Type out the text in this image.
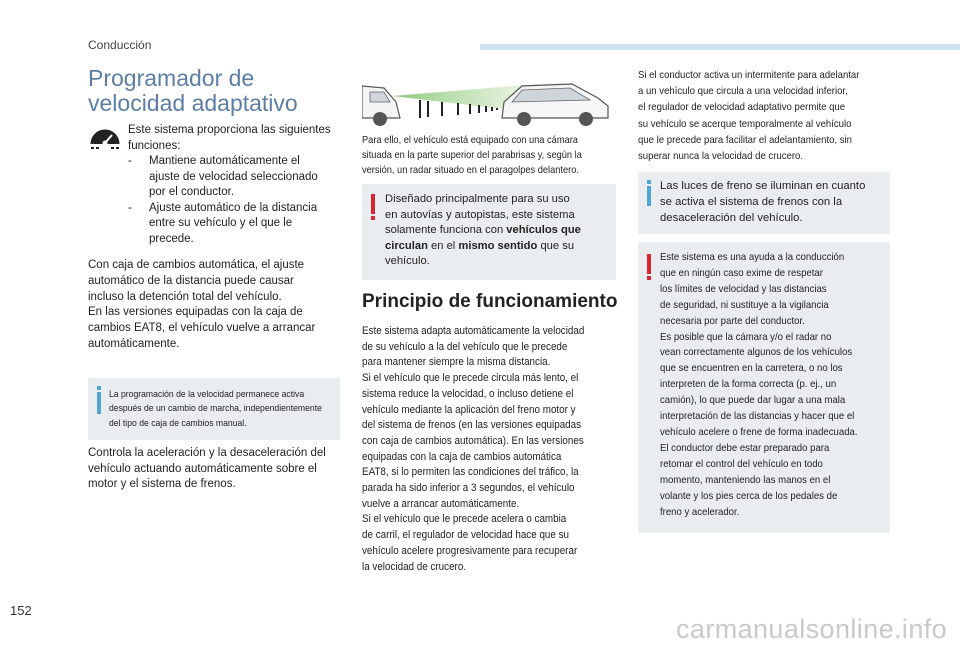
Conducción
Programador de
velocidad adaptativo
Este sistema proporciona las siguientes
funciones:
-	Mantiene automáticamente el
ajuste de velocidad seleccionado
por el conductor.
-	Ajuste automático de la distancia
entre su vehículo y el que le
precede.
Con caja de cambios automática, el ajuste
automático de la distancia puede causar
incluso la detención total del vehículo.
En las versiones equipadas con la caja de
cambios EAT8, el vehículo vuelve a arrancar
automáticamente.
La programación de la velocidad permanece activa
después de un cambio de marcha, independientemente
del tipo de caja de cambios manual.
Controla la aceleración y la desaceleración del
vehículo actuando automáticamente sobre el
motor y el sistema de frenos.
Para ello, el vehículo está equipado con una cámara
situada en la parte superior del parabrisas y, según la
versión, un radar situado en el paragolpes delantero.
Diseñado principalmente para su uso
en autovías y autopistas, este sistema
solamente funciona con vehículos que
circulan en el mismo sentido que su
vehículo.
Principio de funcionamiento
Este sistema adapta automáticamente la velocidad
de su vehículo a la del vehículo que le precede
para mantener siempre la misma distancia.
Si el vehículo que le precede circula más lento, el
sistema reduce la velocidad, o incluso detiene el
vehículo mediante la aplicación del freno motor y
del sistema de frenos (en las versiones equipadas
con caja de cambios automática). En las versiones
equipadas con la caja de cambios automática
EAT8, si lo permiten las condiciones del tráfico, la
parada ha sido inferior a 3 segundos, el vehículo
vuelve a arrancar automáticamente.
Si el vehículo que le precede acelera o cambia
de carril, el regulador de velocidad hace que su
vehículo acelere progresivamente para recuperar
la velocidad de crucero.
Si el conductor activa un intermitente para adelantar
a un vehículo que circula a una velocidad inferior,
el regulador de velocidad adaptativo permite que
su vehículo se acerque temporalmente al vehículo
que le precede para facilitar el adelantamiento, sin
superar nunca la velocidad de crucero.
Las luces de freno se iluminan en cuanto
se activa el sistema de frenos con la
desaceleración del vehículo.
Este sistema es una ayuda a la conducción
que en ningún caso exime de respetar
los límites de velocidad y las distancias
de seguridad, ni sustituye a la vigilancia
necesaria por parte del conductor.
Es posible que la cámara y/o el radar no
vean correctamente algunos de los vehículos
que se encuentren en la carretera, o no los
interpreten de la forma correcta (p. ej., un
camión), lo que puede dar lugar a una mala
interpretación de las distancias y hacer que el
vehículo acelere o frene de forma inadecuada.
El conductor debe estar preparado para
retomar el control del vehículo en todo
momento, manteniendo las manos en el
volante y los pies cerca de los pedales de
freno y acelerador.
152
carmanualsonline.info
